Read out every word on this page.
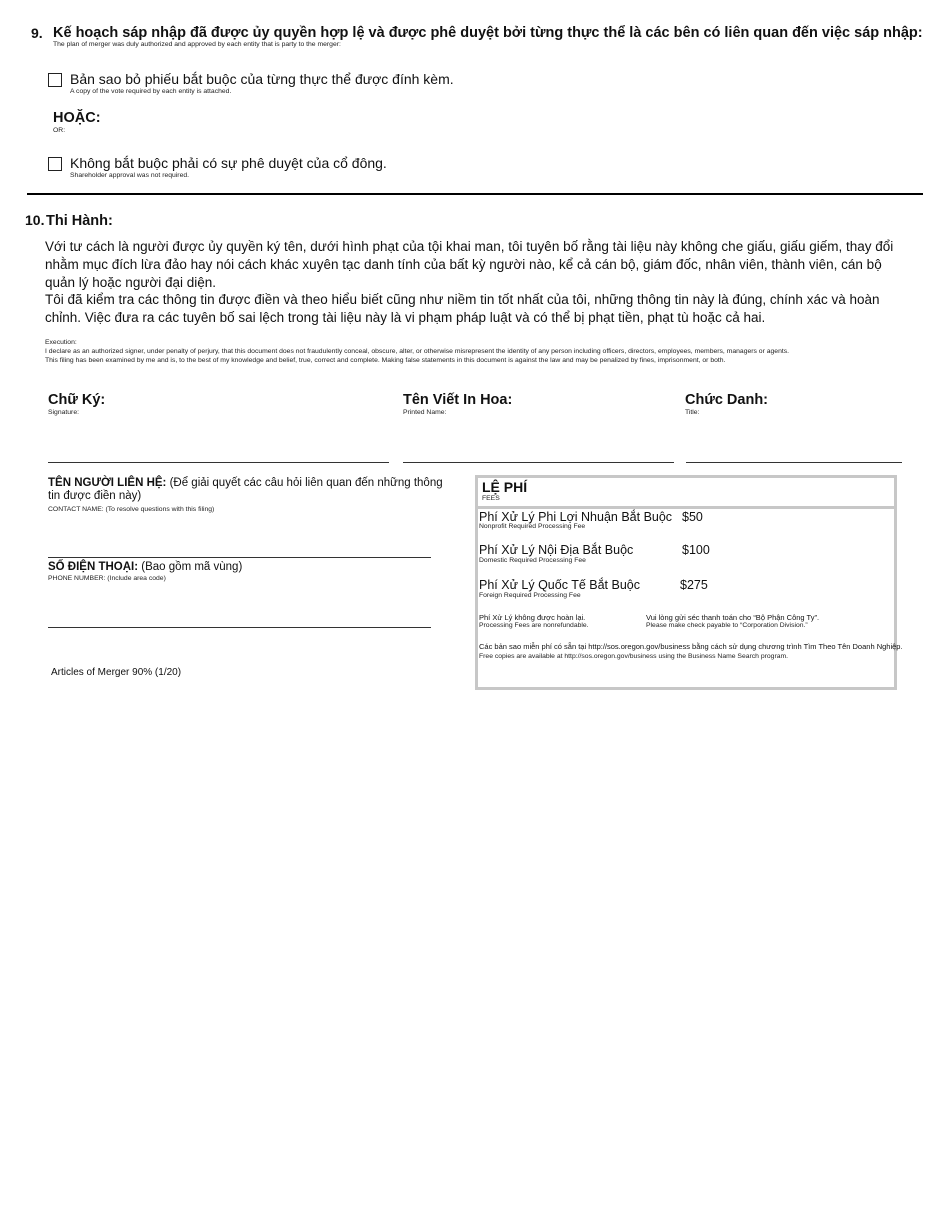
9. Kế hoạch sáp nhập đã được ủy quyền hợp lệ và được phê duyệt bởi từng thực thể là các bên có liên quan đến việc sáp nhập:
The plan of merger was duly authorized and approved by each entity that is party to the merger:
Bản sao bỏ phiếu bắt buộc của từng thực thể được đính kèm.
A copy of the vote required by each entity is attached.
HOẶC:
OR:
Không bắt buộc phải có sự phê duyệt của cổ đông.
Shareholder approval was not required.
10. Thi Hành:
Với tư cách là người được ủy quyền ký tên, dưới hình phạt của tội khai man, tôi tuyên bố rằng tài liệu này không che giấu, giấu giếm, thay đổi nhằm mục đích lừa đảo hay nói cách khác xuyên tạc danh tính của bất kỳ người nào, kể cả cán bộ, giám đốc, nhân viên, thành viên, cán bộ quản lý hoặc người đại diện.
Tôi đã kiểm tra các thông tin được điền và theo hiểu biết cũng như niềm tin tốt nhất của tôi, những thông tin này là đúng, chính xác và hoàn chỉnh. Việc đưa ra các tuyên bố sai lệch trong tài liệu này là vi phạm pháp luật và có thể bị phạt tiền, phạt tù hoặc cả hai.
Execution:
I declare as an authorized signer, under penalty of perjury, that this document does not fraudulently conceal, obscure, alter, or otherwise misrepresent the identity of any person including officers, directors, employees, members, managers or agents.
This filing has been examined by me and is, to the best of my knowledge and belief, true, correct and complete. Making false statements in this document is against the law and may be penalized by fines, imprisonment, or both.
Chữ Ký:
Signature:
Tên Viết In Hoa:
Printed Name:
Chức Danh:
Title:
TÊN NGƯỜI LIÊN HỆ: (Để giải quyết các câu hỏi liên quan đến những thông tin được điền này)
CONTACT NAME: (To resolve questions with this filing)
SỐ ĐIỆN THOẠI: (Bao gồm mã vùng)
PHONE NUMBER: (Include area code)
Articles of Merger 90% (1/20)
LỆ PHÍ
FEES
Phí Xử Lý Phi Lợi Nhuận Bắt Buộc
Nonprofit Required Processing Fee
$50
Phí Xử Lý Nội Địa Bắt Buộc
Domestic Required Processing Fee
$100
Phí Xử Lý Quốc Tế Bắt Buộc
Foreign Required Processing Fee
$275
Phí Xử Lý không được hoàn lại.
Processing Fees are nonrefundable.
Vui lòng gửi séc thanh toán cho “Bộ Phận Công Ty”.
Please make check payable to “Corporation Division.”
Các bản sao miễn phí có sẵn tại http://sos.oregon.gov/business bằng cách sử dụng chương trình Tìm Theo Tên Doanh Nghiệp.
Free copies are available at http://sos.oregon.gov/business using the Business Name Search program.
